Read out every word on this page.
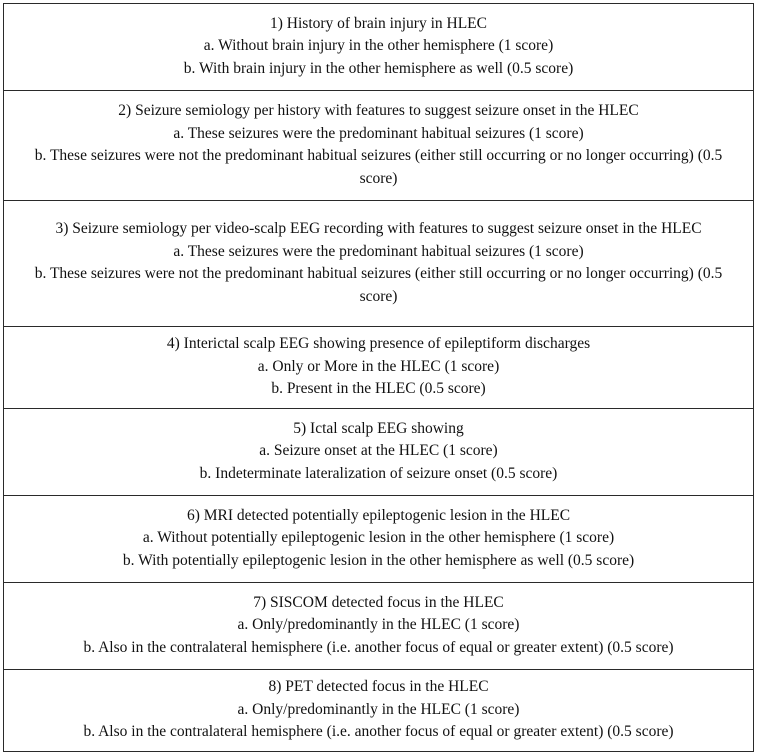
1) History of brain injury in HLEC
a. Without brain injury in the other hemisphere (1 score)
b. With brain injury in the other hemisphere as well (0.5 score)

2) Seizure semiology per history with features to suggest seizure onset in the HLEC
a. These seizures were the predominant habitual seizures (1 score)
b. These seizures were not the predominant habitual seizures (either still occurring or no longer occurring) (0.5 score)

3) Seizure semiology per video-scalp EEG recording with features to suggest seizure onset in the HLEC
a. These seizures were the predominant habitual seizures (1 score)
b. These seizures were not the predominant habitual seizures (either still occurring or no longer occurring) (0.5 score)

4) Interictal scalp EEG showing presence of epileptiform discharges
a. Only or More in the HLEC (1 score)
b. Present in the HLEC (0.5 score)

5) Ictal scalp EEG showing
a. Seizure onset at the HLEC (1 score)
b. Indeterminate lateralization of seizure onset (0.5 score)

6) MRI detected potentially epileptogenic lesion in the HLEC
a. Without potentially epileptogenic lesion in the other hemisphere (1 score)
b. With potentially epileptogenic lesion in the other hemisphere as well (0.5 score)

7) SISCOM detected focus in the HLEC
a. Only/predominantly in the HLEC (1 score)
b. Also in the contralateral hemisphere (i.e. another focus of equal or greater extent) (0.5 score)

8) PET detected focus in the HLEC
a. Only/predominantly in the HLEC (1 score)
b. Also in the contralateral hemisphere (i.e. another focus of equal or greater extent) (0.5 score)
